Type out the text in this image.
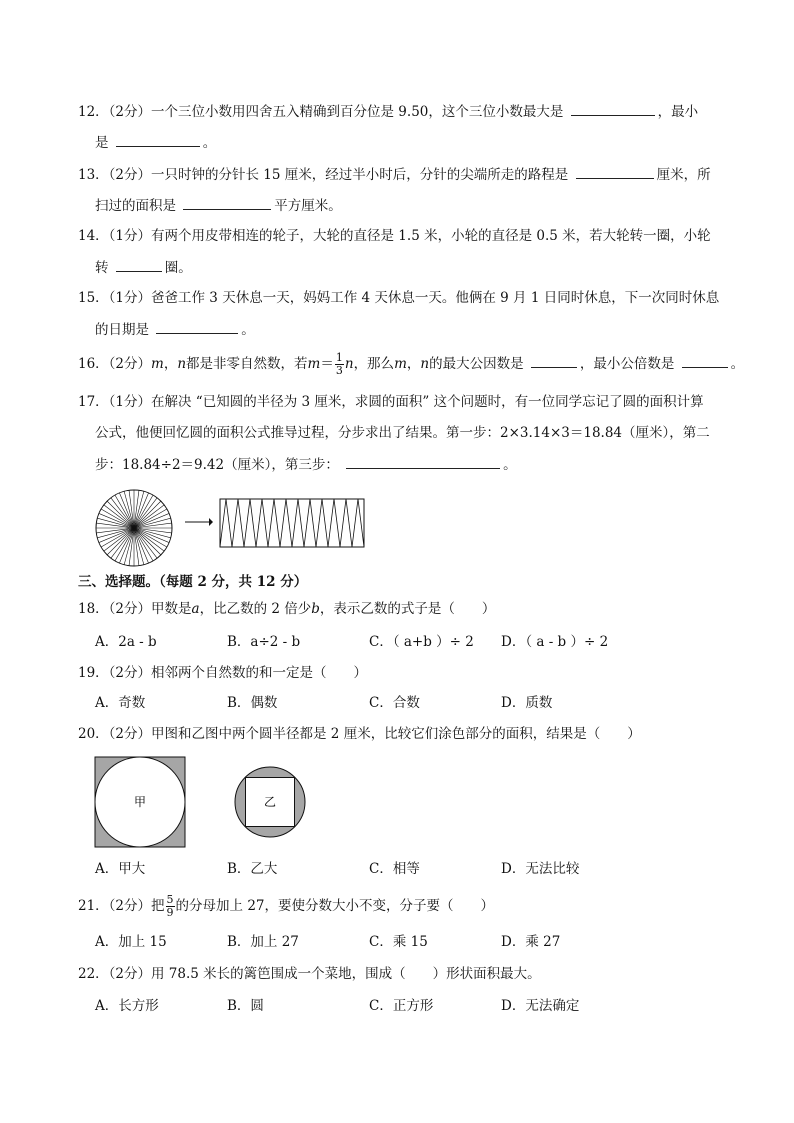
12．（2分）一个三位小数用四舍五入精确到百分位是 9.50，这个三位小数最大是	，最小
是	。
13．（2分）一只时钟的分针长 15 厘米，经过半小时后，分针的尖端所走的路程是	厘米，所
扫过的面积是	平方厘米。
14．（1分）有两个用皮带相连的轮子，大轮的直径是 1.5 米，小轮的直径是 0.5 米，若大轮转一圈，小轮
转	圈。
15．（1分）爸爸工作 3 天休息一天，妈妈工作 4 天休息一天。他俩在 9 月 1 日同时休息，下一次同时休息
的日期是	。
16．（2分）m，n都是非零自然数，若$m= \frac{1}{3}$ n，那么m，n的最大公因数是	，最小公倍数是	。
17．（1分）在解决 “已知圆的半径为 3 厘米，求圆的面积” 这个问题时，有一位同学忘记了圆的面积计算
公式，他便回忆圆的面积公式推导过程，分步求出了结果。第一步：2×3.14×3＝18.84（厘米），第二
步：18.84÷2＝9.42（厘米），第三步：	。
三、选择题。（每题 2 分，共 12 分）
18．（2分）甲数是a，比乙数的 2 倍少b，表示乙数的式子是（　　）
A．2a - b	B．a÷2 - b	C．（ a+b ）÷ 2 D．（ a - b ）÷ 2
19．（2分）相邻两个自然数的和一定是（　　）
A．奇数	B．偶数	C．合数	D．质数
20．（2分）甲图和乙图中两个圆半径都是 2 厘米，比较它们涂色部分的面积，结果是（　　）
甲	乙
A．甲大	B．乙大	C．相等	D．无法比较
21．（2分）把 $\frac{5}{9}$ 的分母加上 27，要使分数大小不变，分子要（　　）
A．加上 15	B．加上 27	C．乘 15	D．乘 27
22．（2分）用 78.5 米长的篱笆围成一个菜地，围成（　　）形状面积最大。
A．长方形	B．圆	C．正方形	D．无法确定
